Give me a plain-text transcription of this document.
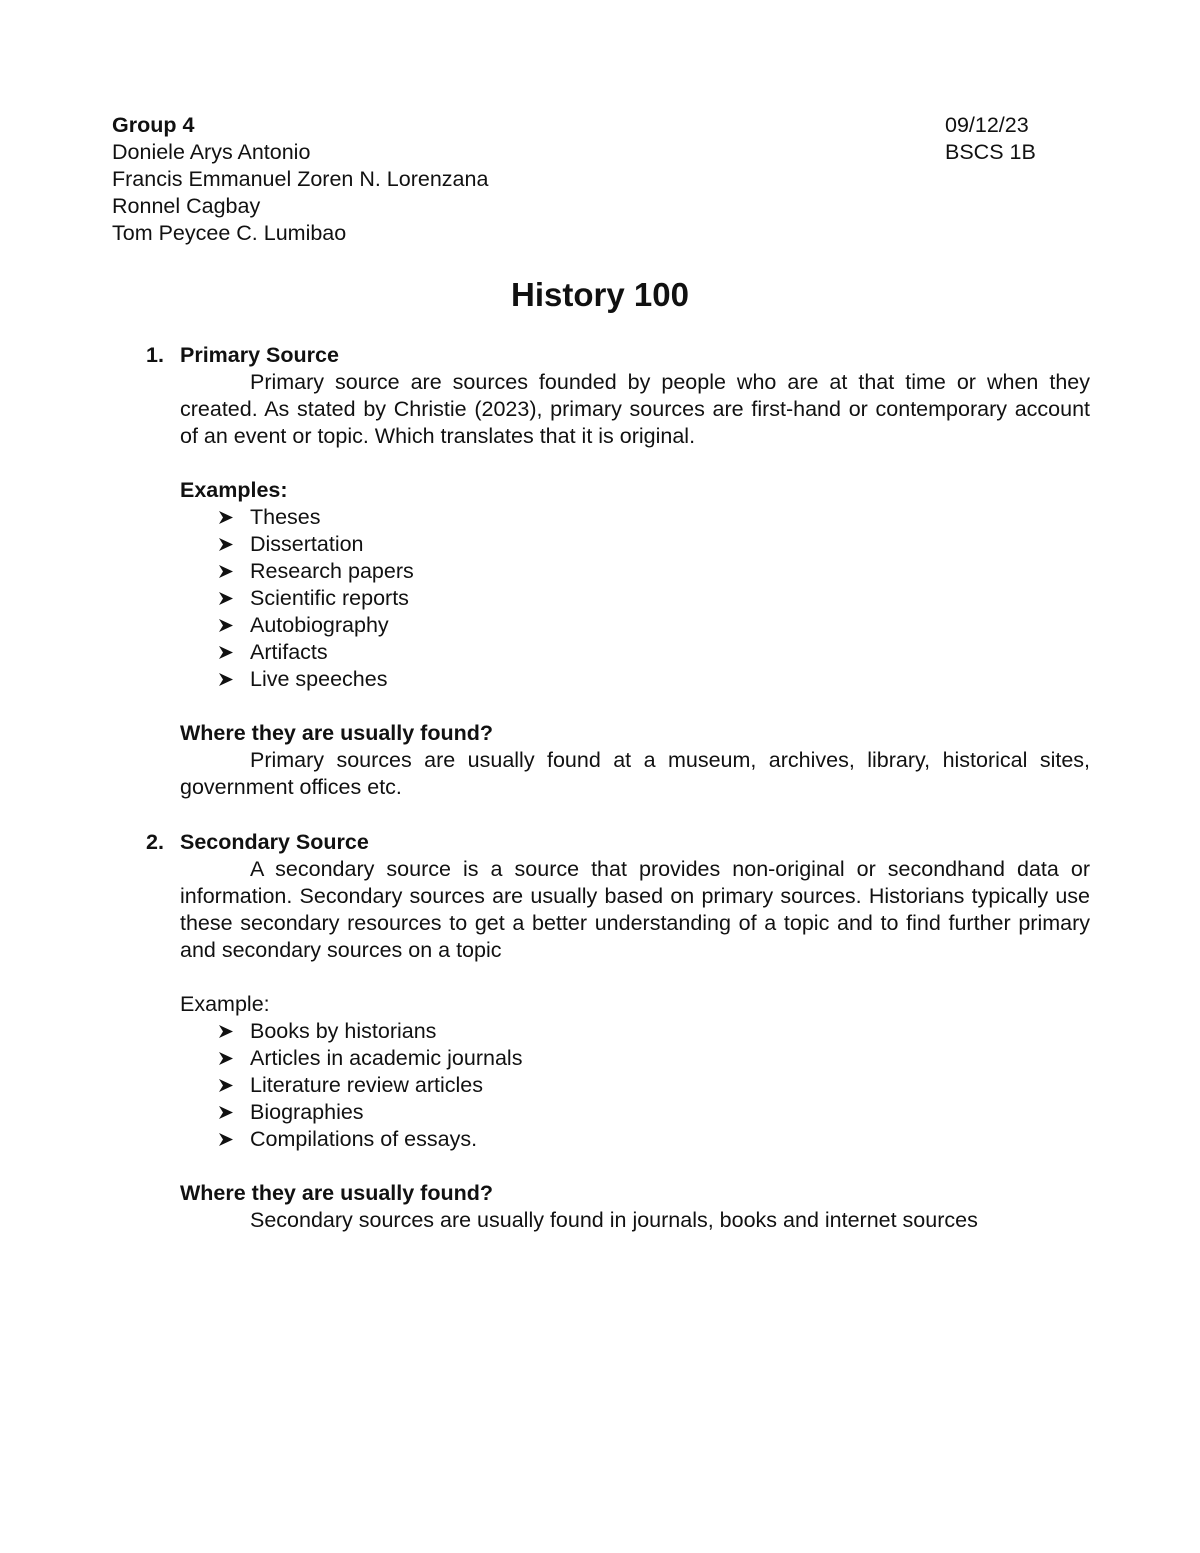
Group 4
Doniele Arys Antonio
Francis Emmanuel Zoren N. Lorenzana
Ronnel Cagbay
Tom Peycee C. Lumibao
09/12/23
BSCS 1B
History 100
1. Primary Source

Primary source are sources founded by people who are at that time or when they created. As stated by Christie (2023), primary sources are first-hand or contemporary account of an event or topic. Which translates that it is original.

Examples:
Theses
Dissertation
Research papers
Scientific reports
Autobiography
Artifacts
Live speeches
Where they are usually found?

Primary sources are usually found at a museum, archives, library, historical sites, government offices etc.

2. Secondary Source

A secondary source is a source that provides non-original or secondhand data or information. Secondary sources are usually based on primary sources. Historians typically use these secondary resources to get a better understanding of a topic and to find further primary and secondary sources on a topic

Example:
Books by historians
Articles in academic journals
Literature review articles
Biographies
Compilations of essays.
Where they are usually found?

Secondary sources are usually found in journals, books and internet sources
